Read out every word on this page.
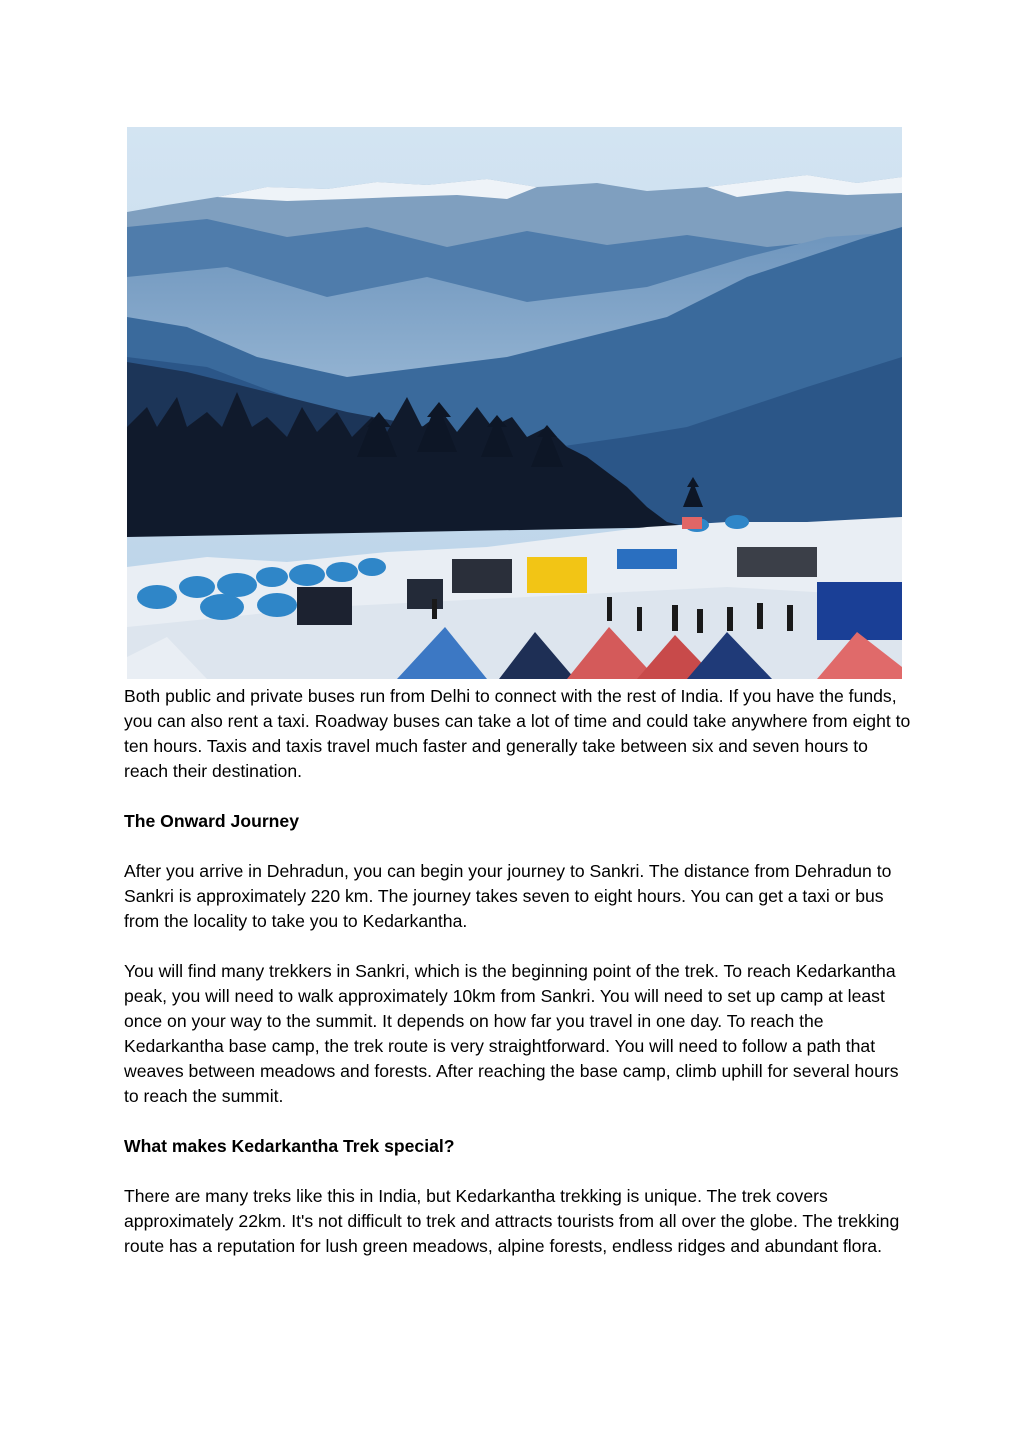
Both public and private buses run from Delhi to connect with the rest of India. If you have the funds, you can also rent a taxi. Roadway buses can take a lot of time and could take anywhere from eight to ten hours. Taxis and taxis travel much faster and generally take between six and seven hours to reach their destination.

The Onward Journey

After you arrive in Dehradun, you can begin your journey to Sankri. The distance from Dehradun to Sankri is approximately 220 km. The journey takes seven to eight hours. You can get a taxi or bus from the locality to take you to Kedarkantha.

You will find many trekkers in Sankri, which is the beginning point of the trek. To reach Kedarkantha peak, you will need to walk approximately 10km from Sankri. You will need to set up camp at least once on your way to the summit. It depends on how far you travel in one day. To reach the Kedarkantha base camp, the trek route is very straightforward. You will need to follow a path that weaves between meadows and forests. After reaching the base camp, climb uphill for several hours to reach the summit.

What makes Kedarkantha Trek special?

There are many treks like this in India, but Kedarkantha trekking is unique. The trek covers approximately 22km. It's not difficult to trek and attracts tourists from all over the globe. The trekking route has a reputation for lush green meadows, alpine forests, endless ridges and abundant flora.
